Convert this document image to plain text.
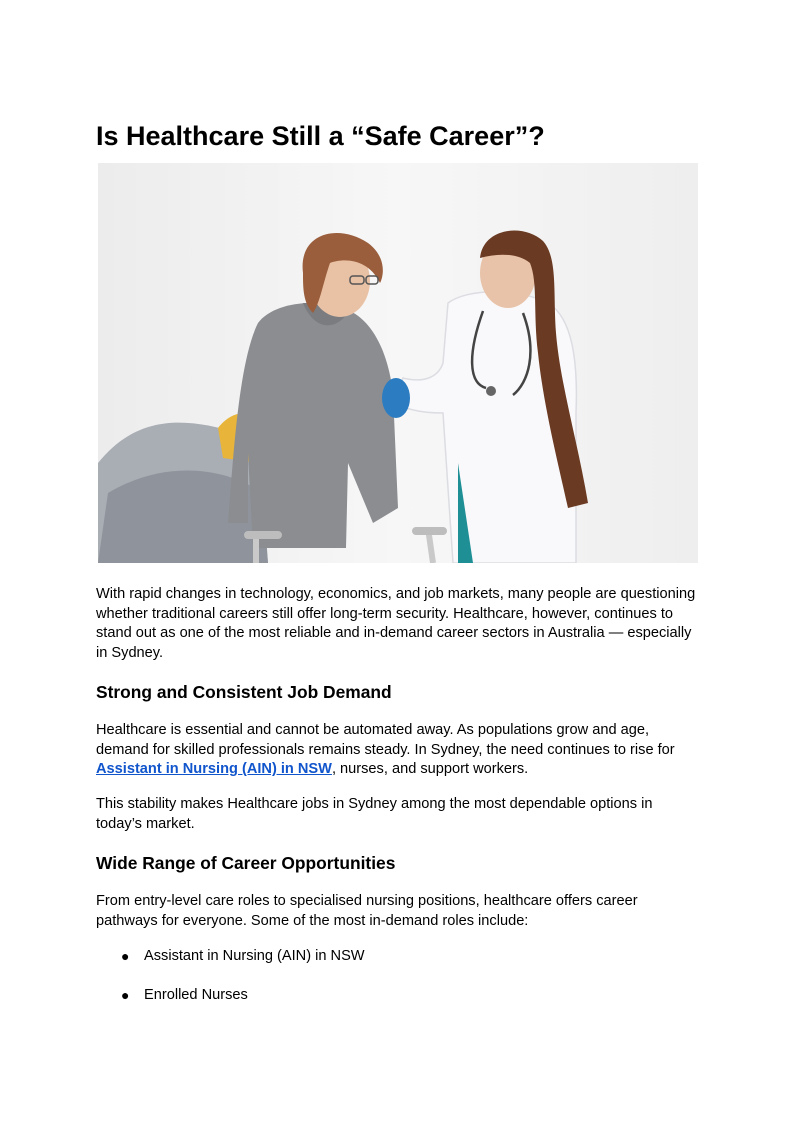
Is Healthcare Still a “Safe Career”?

With rapid changes in technology, economics, and job markets, many people are questioning whether traditional careers still offer long-term security. Healthcare, however, continues to stand out as one of the most reliable and in-demand career sectors in Australia — especially in Sydney.

Strong and Consistent Job Demand

Healthcare is essential and cannot be automated away. As populations grow and age, demand for skilled professionals remains steady. In Sydney, the need continues to rise for Assistant in Nursing (AIN) in NSW, nurses, and support workers.

This stability makes Healthcare jobs in Sydney among the most dependable options in today’s market.

Wide Range of Career Opportunities

From entry-level care roles to specialised nursing positions, healthcare offers career pathways for everyone. Some of the most in-demand roles include:

● Assistant in Nursing (AIN) in NSW
● Enrolled Nurses
